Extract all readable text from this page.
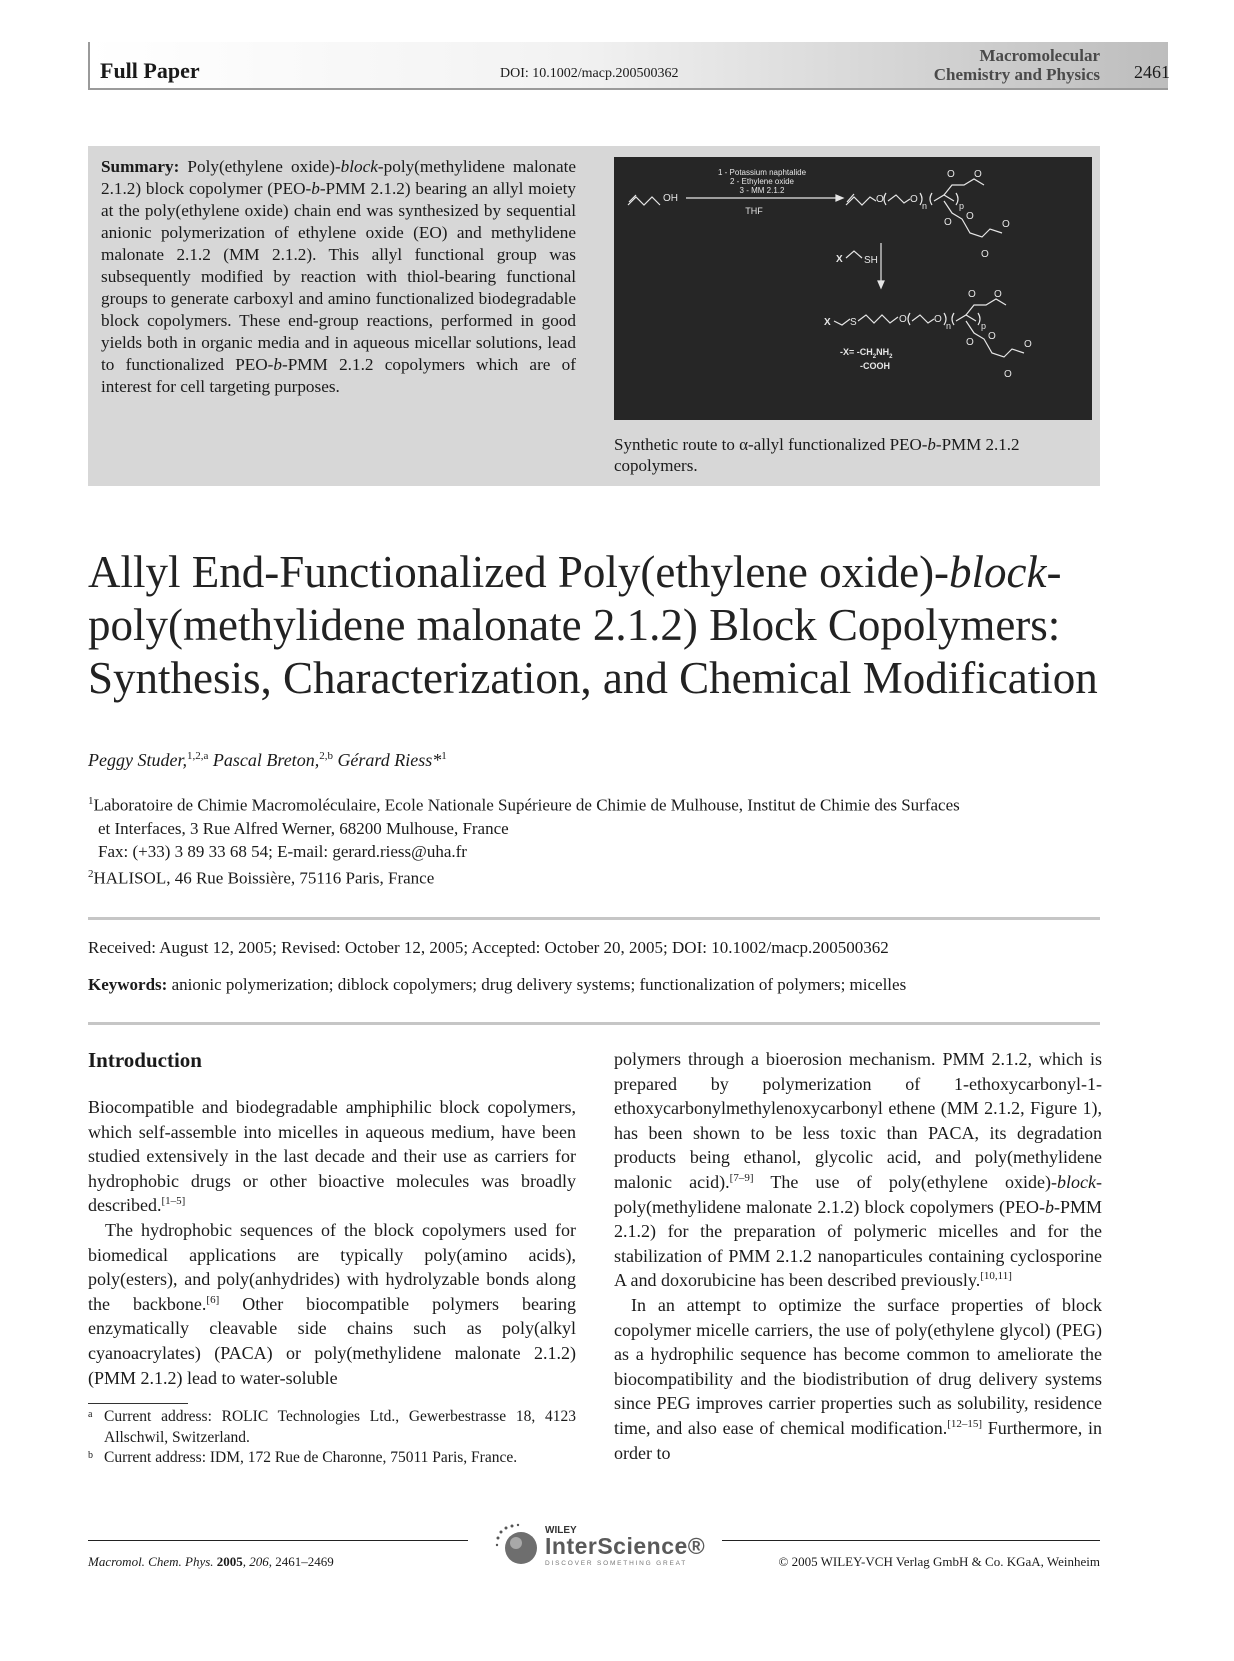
Full Paper	DOI: 10.1002/macp.200500362
Macromolecular
Chemistry and Physics 2461
Summary: Poly(ethylene oxide)-block-poly(methylidene malonate 2.1.2) block copolymer (PEO-b-PMM 2.1.2) bearing an allyl moiety at the poly(ethylene oxide) chain end was synthesized by sequential anionic polymerization of ethylene oxide (EO) and methylidene malonate 2.1.2 (MM 2.1.2). This allyl functional group was subsequently modified by reaction with thiol-bearing functional groups to generate carboxyl and amino functionalized biodegradable block copolymers. These end-group reactions, performed in good yields both in organic media and in aqueous micellar solutions, lead to functionalized PEO-b-PMM 2.1.2 copolymers which are of interest for cell targeting purposes.
OH
1 - Potassium naphtalide
2 - Ethylene oxide
3 - MM 2.1.2
THF
O	O
n	p
O O
O
O
O
O
X SH
X S	O	O
n	p
O O
O
O
O
O
$-X= -CH_2NH_2$
-COOH
Synthetic route to α-allyl functionalized PEO-b-PMM 2.1.2 copolymers.
Allyl End-Functionalized Poly(ethylene oxide)-block-poly(methylidene malonate 2.1.2) Block Copolymers: Synthesis, Characterization, and Chemical Modification
Peggy Studer,$^{1,2,a}$ Pascal Breton,$^{2,b}$ Gérard Riess*$^1$
$^1$Laboratoire de Chimie Macromoléculaire, Ecole Nationale Supérieure de Chimie de Mulhouse, Institut de Chimie des Surfaces
et Interfaces, 3 Rue Alfred Werner, 68200 Mulhouse, France
Fax: (+33) 3 89 33 68 54; E-mail: gerard.riess@uha.fr
$^2$HALISOL, 46 Rue Boissière, 75116 Paris, France
Received: August 12, 2005; Revised: October 12, 2005; Accepted: October 20, 2005; DOI: 10.1002/macp.200500362
Keywords: anionic polymerization; diblock copolymers; drug delivery systems; functionalization of polymers; micelles
Introduction

Biocompatible and biodegradable amphiphilic block copolymers, which self-assemble into micelles in aqueous medium, have been studied extensively in the last decade and their use as carriers for hydrophobic drugs or other bioactive molecules was broadly described.[1–5]

The hydrophobic sequences of the block copolymers used for biomedical applications are typically poly(amino acids), poly(esters), and poly(anhydrides) with hydrolyzable bonds along the backbone.[6] Other biocompatible polymers bearing enzymatically cleavable side chains such as poly(alkyl cyanoacrylates) (PACA) or poly(methylidene malonate 2.1.2) (PMM 2.1.2) lead to water-soluble

polymers through a bioerosion mechanism. PMM 2.1.2, which is prepared by polymerization of 1-ethoxycarbonyl-1-ethoxycarbonylmethylenoxycarbonyl ethene (MM 2.1.2, Figure 1), has been shown to be less toxic than PACA, its degradation products being ethanol, glycolic acid, and poly(methylidene malonic acid).[7–9] The use of poly(ethylene oxide)-block-poly(methylidene malonate 2.1.2) block copolymers (PEO-b-PMM 2.1.2) for the preparation of polymeric micelles and for the stabilization of PMM 2.1.2 nanoparticules containing cyclosporine A and doxorubicine has been described previously.[10,11]

In an attempt to optimize the surface properties of block copolymer micelle carriers, the use of poly(ethylene glycol) (PEG) as a hydrophilic sequence has become common to ameliorate the biocompatibility and the biodistribution of drug delivery systems since PEG improves carrier properties such as solubility, residence time, and also ease of chemical modification.[12–15] Furthermore, in order to

a Current address: ROLIC Technologies Ltd., Gewerbestrasse 18, 4123 Allschwil, Switzerland.
b Current address: IDM, 172 Rue de Charonne, 75011 Paris, France.
WILEY
InterScience®
DISCOVER SOMETHING GREAT
Macromol. Chem. Phys. 2005, 206, 2461–2469	© 2005 WILEY-VCH Verlag GmbH & Co. KGaA, Weinheim
